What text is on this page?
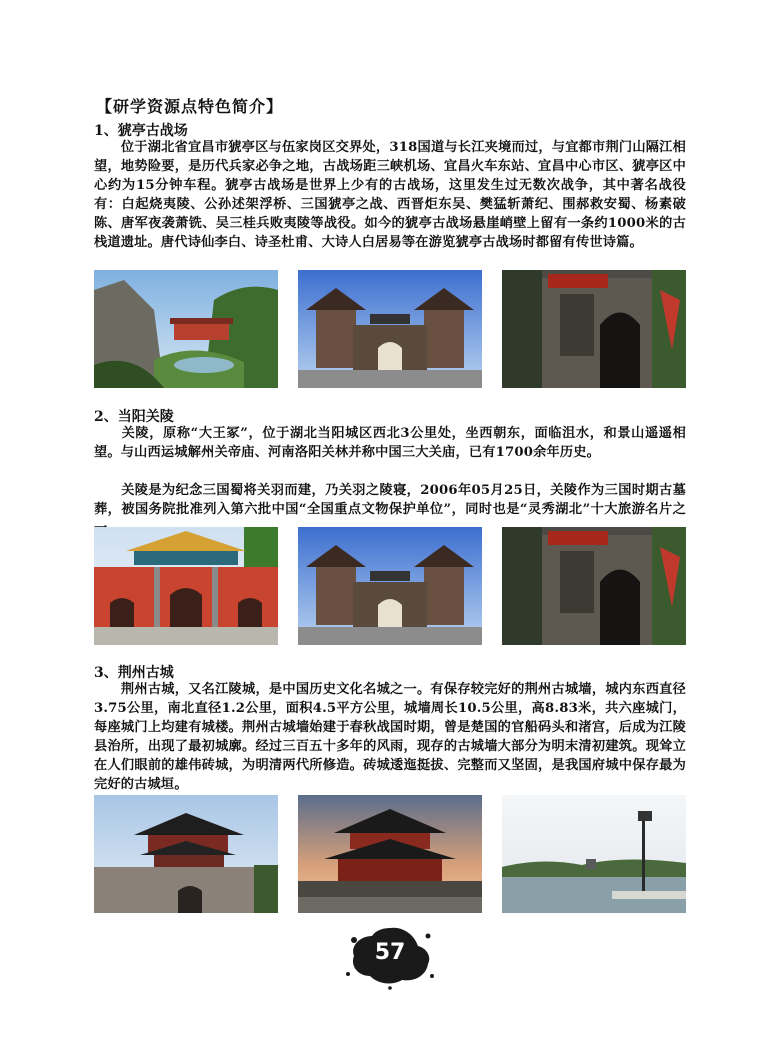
【研学资源点特色简介】
1、猇亭古战场
　　位于湖北省宜昌市猇亭区与伍家岗区交界处，318国道与长江夹境而过，与宜都市荆门山隔江相望，地势险要，是历代兵家必争之地，古战场距三峡机场、宜昌火车东站、宜昌中心市区、猇亭区中心约为15分钟车程。猇亭古战场是世界上少有的古战场，这里发生过无数次战争，其中著名战役有：白起烧夷陵、公孙述架浮桥、三国猇亭之战、西晋炬东吴、樊猛斩萧纪、围郝救安蜀、杨素破陈、唐军夜袭萧铣、吴三桂兵败夷陵等战役。如今的猇亭古战场悬崖峭壁上留有一条约1000米的古栈道遗址。唐代诗仙李白、诗圣杜甫、大诗人白居易等在游览猇亭古战场时都留有传世诗篇。
2、当阳关陵
　　关陵，原称“大王冢”，位于湖北当阳城区西北3公里处，坐西朝东，面临沮水，和景山遥遥相望。与山西运城解州关帝庙、河南洛阳关林并称中国三大关庙，已有1700余年历史。
　　关陵是为纪念三国蜀将关羽而建，乃关羽之陵寝，2006年05月25日，关陵作为三国时期古墓葬，被国务院批准列入第六批中国“全国重点文物保护单位”，同时也是“灵秀湖北”十大旅游名片之
3、荆州古城
　　荆州古城，又名江陵城，是中国历史文化名城之一。有保存较完好的荆州古城墙，城内东西直径3.75公里，南北直径1.2公里，面积4.5平方公里，城墙周长10.5公里，高8.83米，共六座城门，每座城门上均建有城楼。荆州古城墙始建于春秋战国时期，曾是楚国的官船码头和渚宫，后成为江陵县治所，出现了最初城廓。经过三百五十多年的风雨，现存的古城墙大部分为明末清初建筑。现耸立在人们眼前的雄伟砖城，为明清两代所修造。砖城逶迤挺拔、完整而又坚固，是我国府城中保存最为完好的古城垣。
57
